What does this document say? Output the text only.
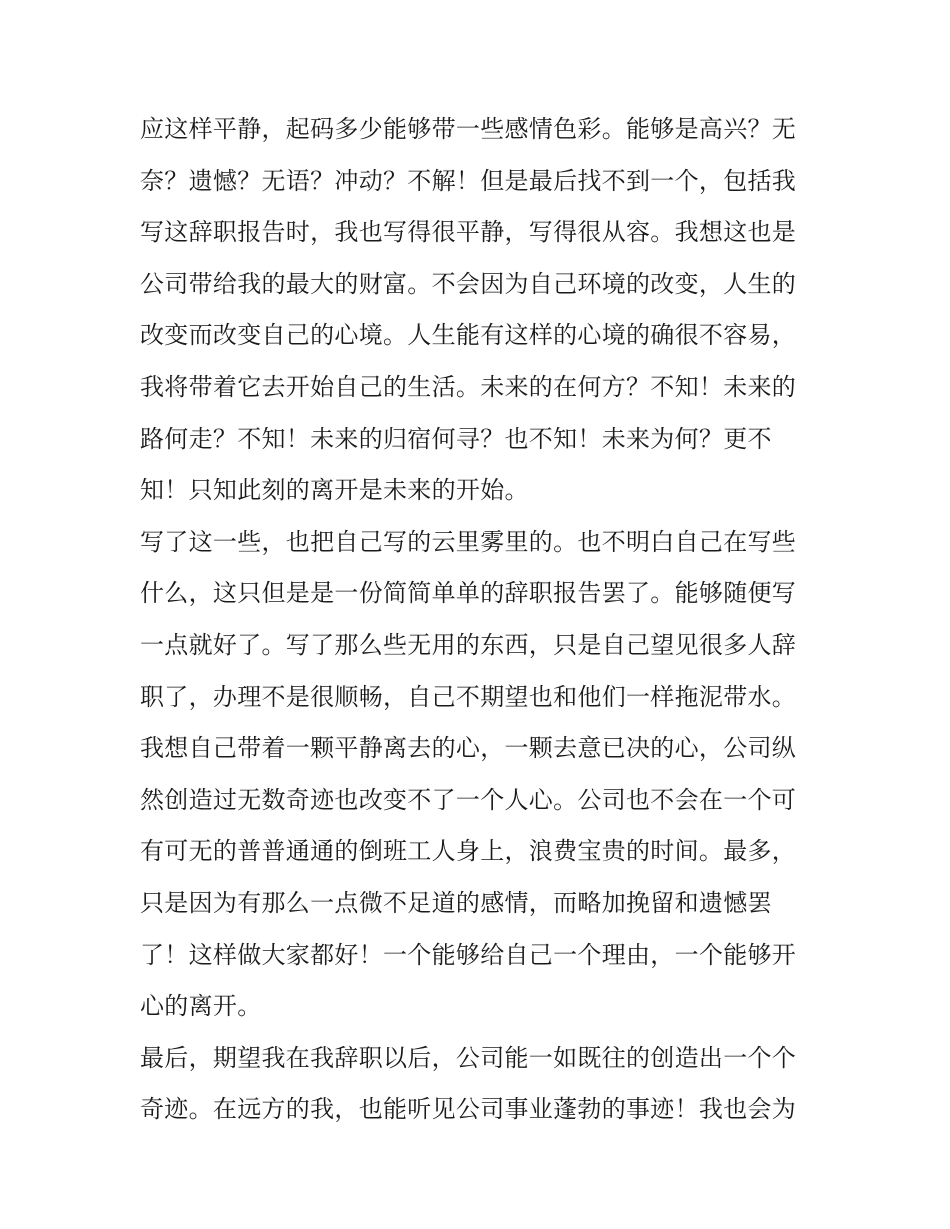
应这样平静，起码多少能够带一些感情色彩。能够是高兴？无
奈？遗憾？无语？冲动？不解！但是最后找不到一个，包括我
写这辞职报告时，我也写得很平静，写得很从容。我想这也是
公司带给我的最大的财富。不会因为自己环境的改变，人生的
改变而改变自己的心境。人生能有这样的心境的确很不容易，
我将带着它去开始自己的生活。未来的在何方？不知！未来的
路何走？不知！未来的归宿何寻？也不知！未来为何？更不
知！只知此刻的离开是未来的开始。
写了这一些，也把自己写的云里雾里的。也不明白自己在写些
什么，这只但是是一份简简单单的辞职报告罢了。能够随便写
一点就好了。写了那么些无用的东西，只是自己望见很多人辞
职了，办理不是很顺畅，自己不期望也和他们一样拖泥带水。
我想自己带着一颗平静离去的心，一颗去意已决的心，公司纵
然创造过无数奇迹也改变不了一个人心。公司也不会在一个可
有可无的普普通通的倒班工人身上，浪费宝贵的时间。最多，
只是因为有那么一点微不足道的感情，而略加挽留和遗憾罢
了！这样做大家都好！一个能够给自己一个理由，一个能够开
心的离开。
最后，期望我在我辞职以后，公司能一如既往的创造出一个个
奇迹。在远方的我，也能听见公司事业蓬勃的事迹！我也会为
